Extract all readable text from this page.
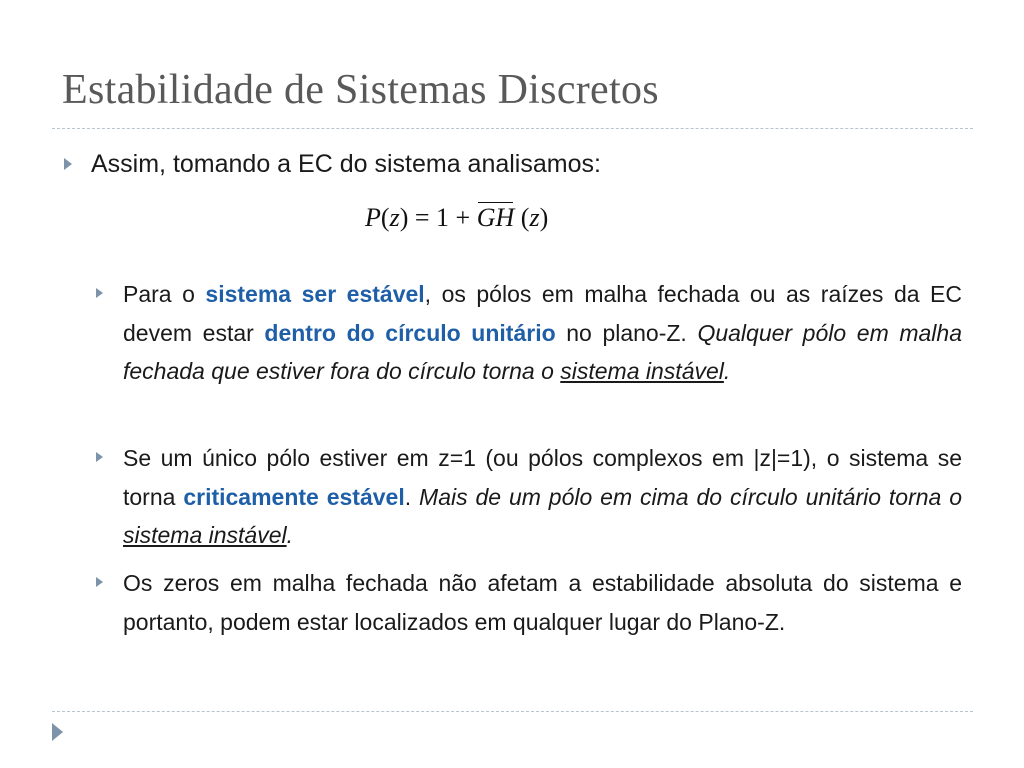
Estabilidade de Sistemas Discretos
Assim, tomando a EC do sistema analisamos:
P(z) = 1 + GH (z)
Para o sistema ser estável, os pólos em malha fechada ou as raízes da EC devem estar dentro do círculo unitário no plano-Z. Qualquer pólo em malha fechada que estiver fora do círculo torna o sistema instável.
Se um único pólo estiver em z=1 (ou pólos complexos em |z|=1), o sistema se torna criticamente estável. Mais de um pólo em cima do círculo unitário torna o sistema instável.
Os zeros em malha fechada não afetam a estabilidade absoluta do sistema e portanto, podem estar localizados em qualquer lugar do Plano-Z.
